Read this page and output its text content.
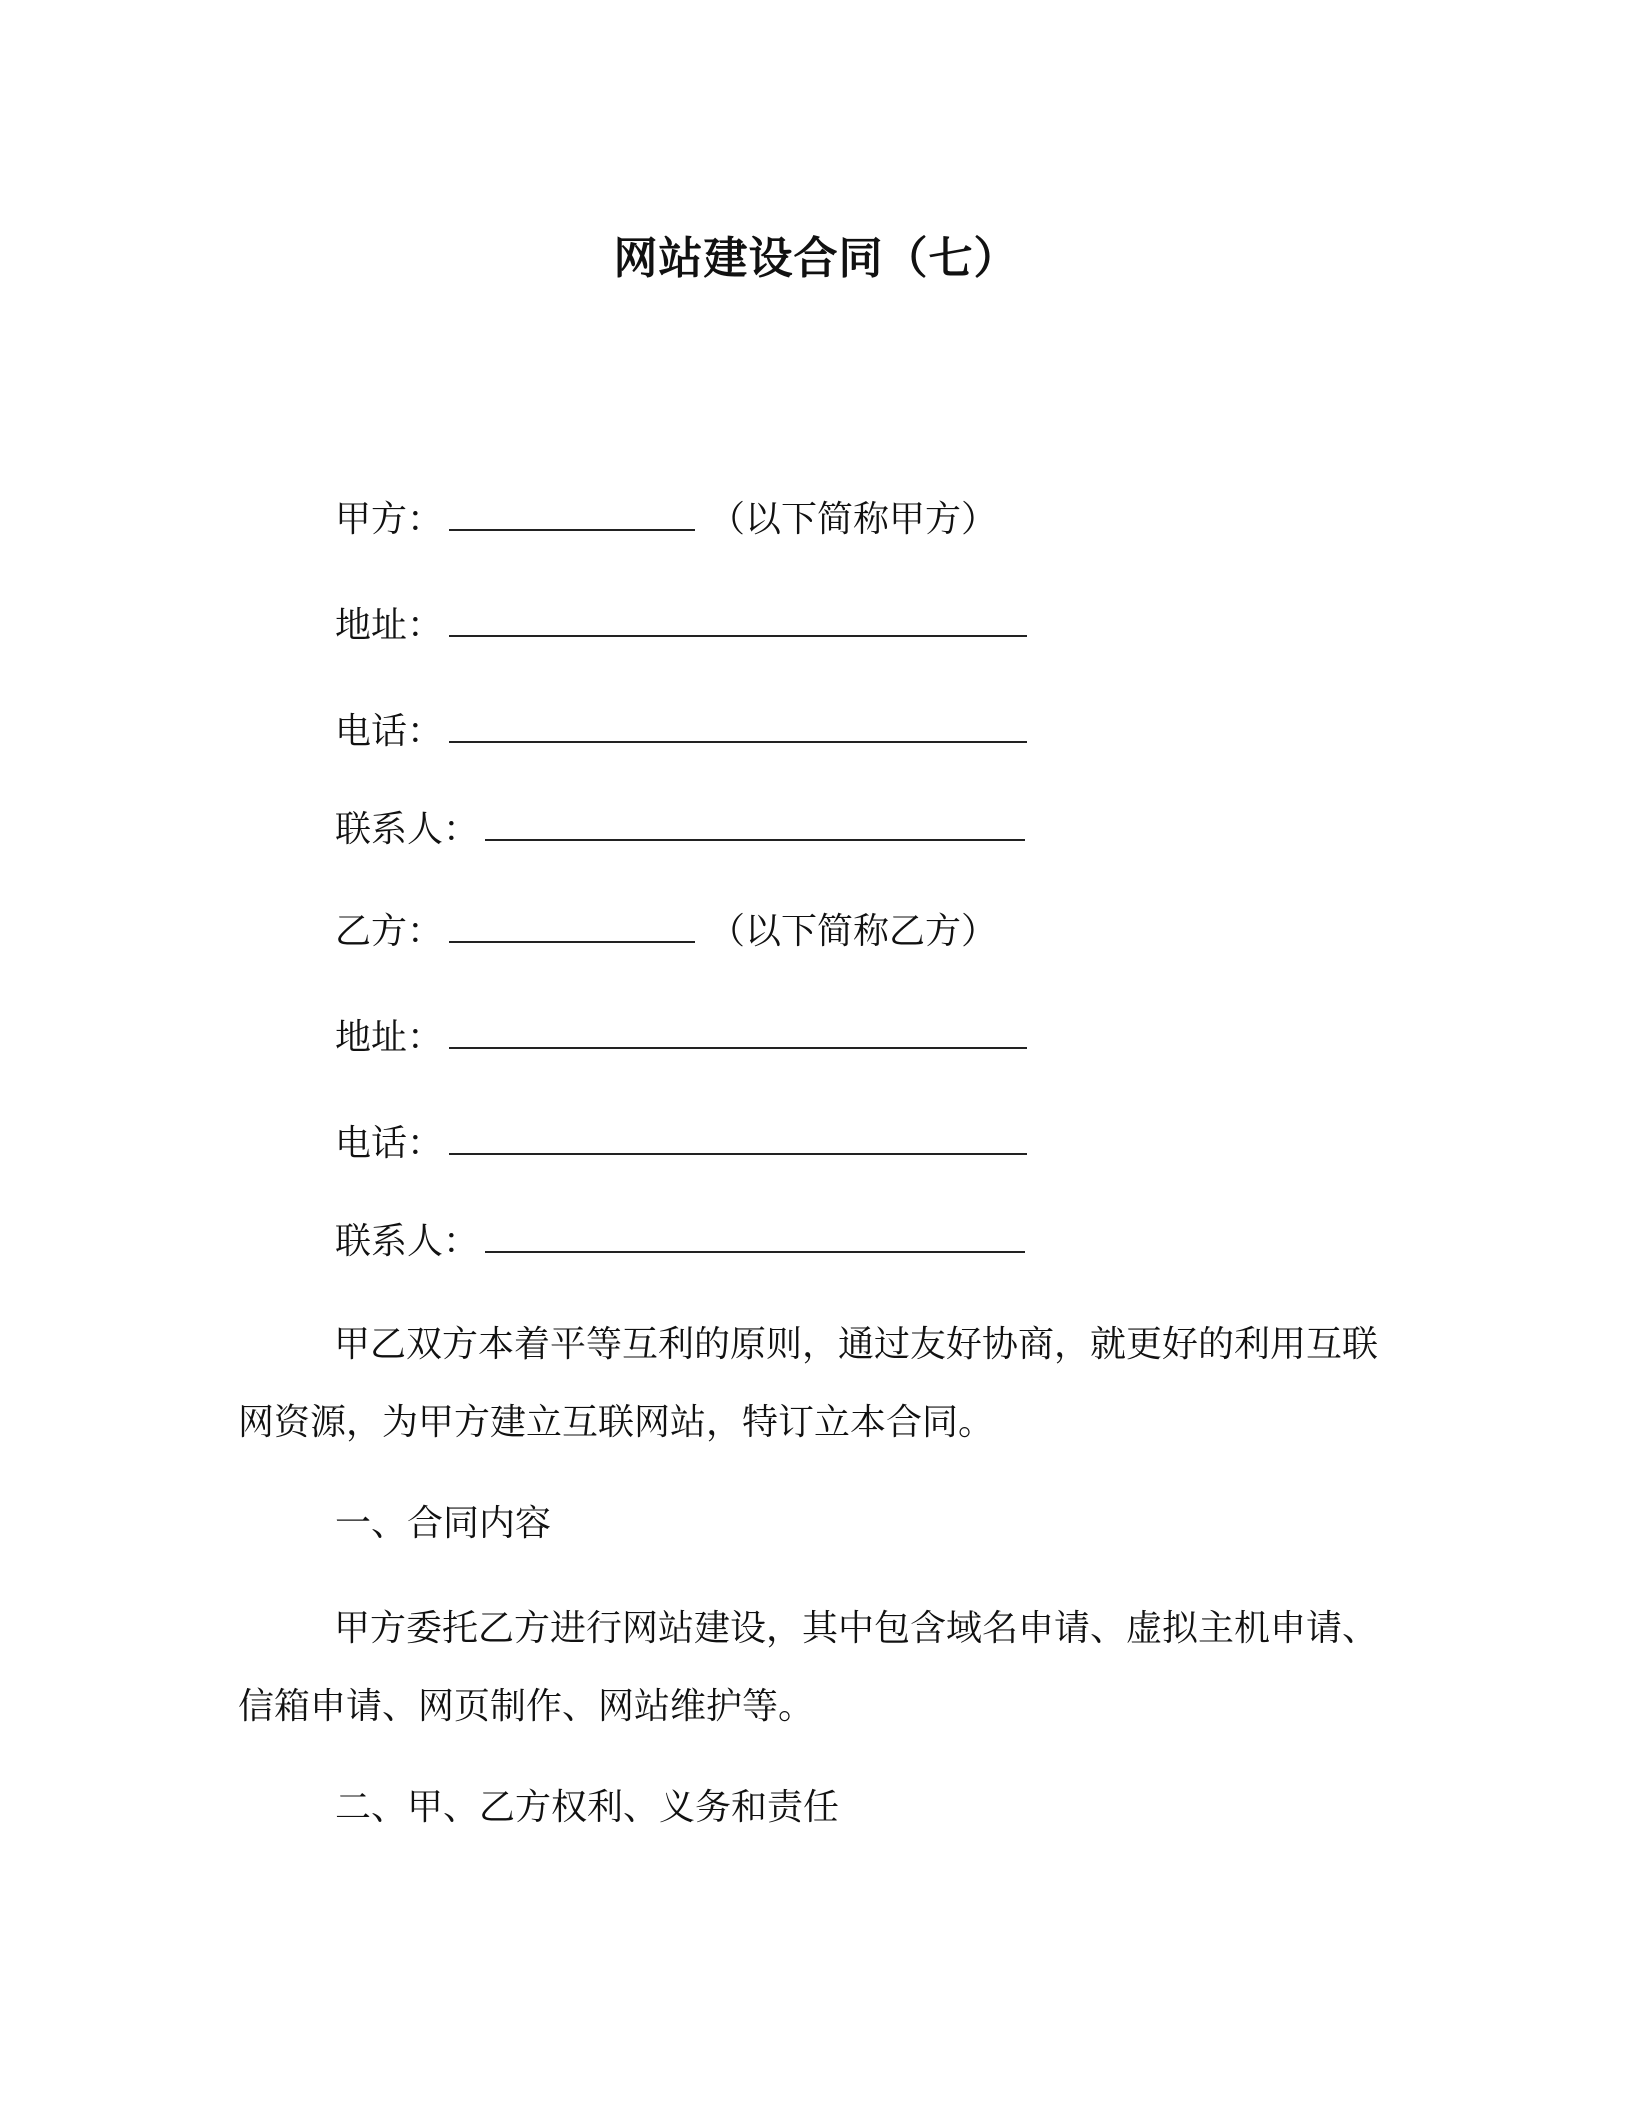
网站建设合同（七）
甲方：	（以下简称甲方）
地址：
电话：
联系人：
乙方：	（以下简称乙方）
地址：
电话：
联系人：
甲乙双方本着平等互利的原则，通过友好协商，就更好的利用互联网资源，为甲方建立互联网站，特订立本合同。
一、合同内容
甲方委托乙方进行网站建设，其中包含域名申请、虚拟主机申请、信箱申请、网页制作、网站维护等。
二、甲、乙方权利、义务和责任
